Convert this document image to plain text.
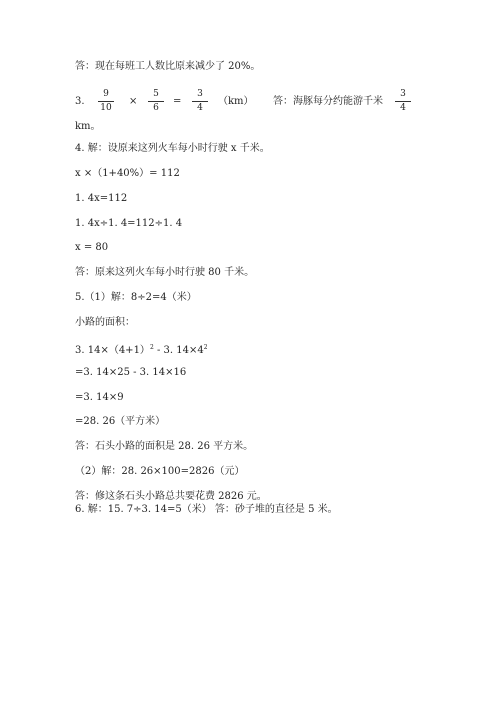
答：现在每班工人数比原来减少了 20%。
3.
9
10
×
5
6
=
3
4
（km） 答：海豚每分约能游千米
3
4
km。
4. 解：设原来这列火车每小时行驶 x 千米。
x ×（1+40%）= 112
1. 4x=112
1. 4x÷1. 4=112÷1. 4
x = 80
答：原来这列火车每小时行驶 80 千米。
5.（1）解：8÷2=4（米）
小路的面积：
3. $14\times(4+1)^2 - 3$. $14\times 4^2$
=3. 14×25 - 3. 14×16
=3. 14×9
=28. 26（平方米）
答：石头小路的面积是 28. 26 平方米。
（2）解：28. 26×100=2826（元）
答：修这条石头小路总共要花费 2826 元。
6. 解：15. 7÷3. 14=5（米） 答：砂子堆的直径是 5 米。
